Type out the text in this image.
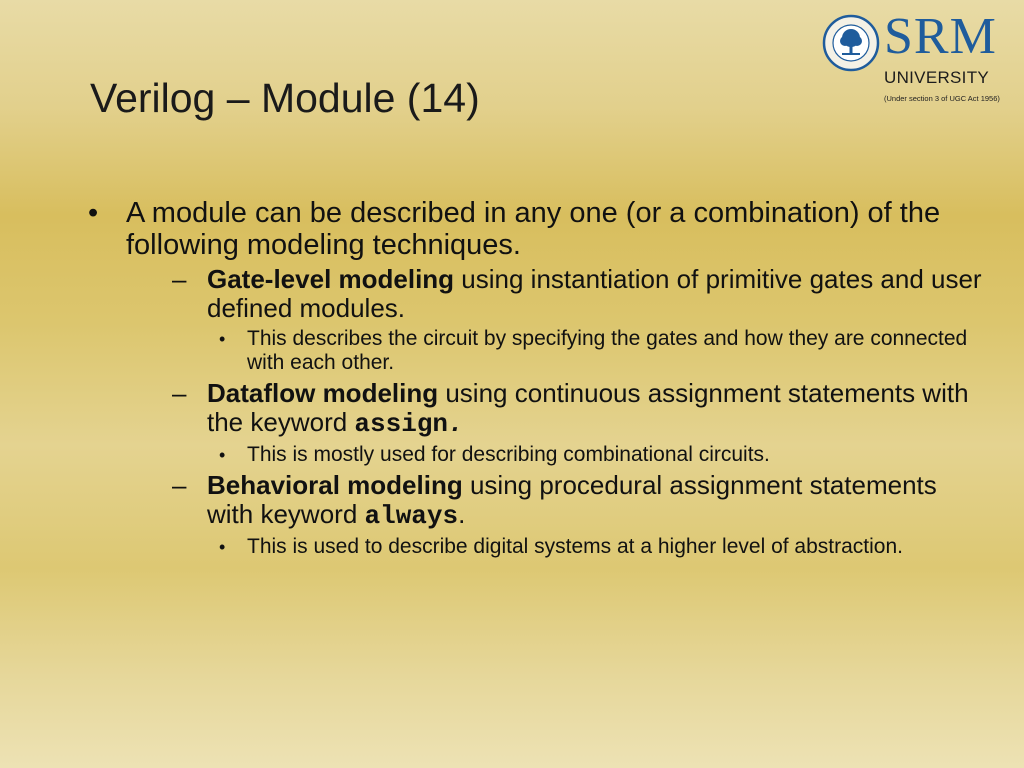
Verilog – Module (14)
SRM
UNIVERSITY
(Under section 3 of UGC Act 1956)
• A module can be described in any one (or a combination) of the following modeling techniques.
– Gate-level modeling using instantiation of primitive gates and user defined modules.
• This describes the circuit by specifying the gates and how they are connected with each other.
– Dataflow modeling using continuous assignment statements with the keyword assign.
• This is mostly used for describing combinational circuits.
– Behavioral modeling using procedural assignment statements with keyword always.
• This is used to describe digital systems at a higher level of abstraction.
